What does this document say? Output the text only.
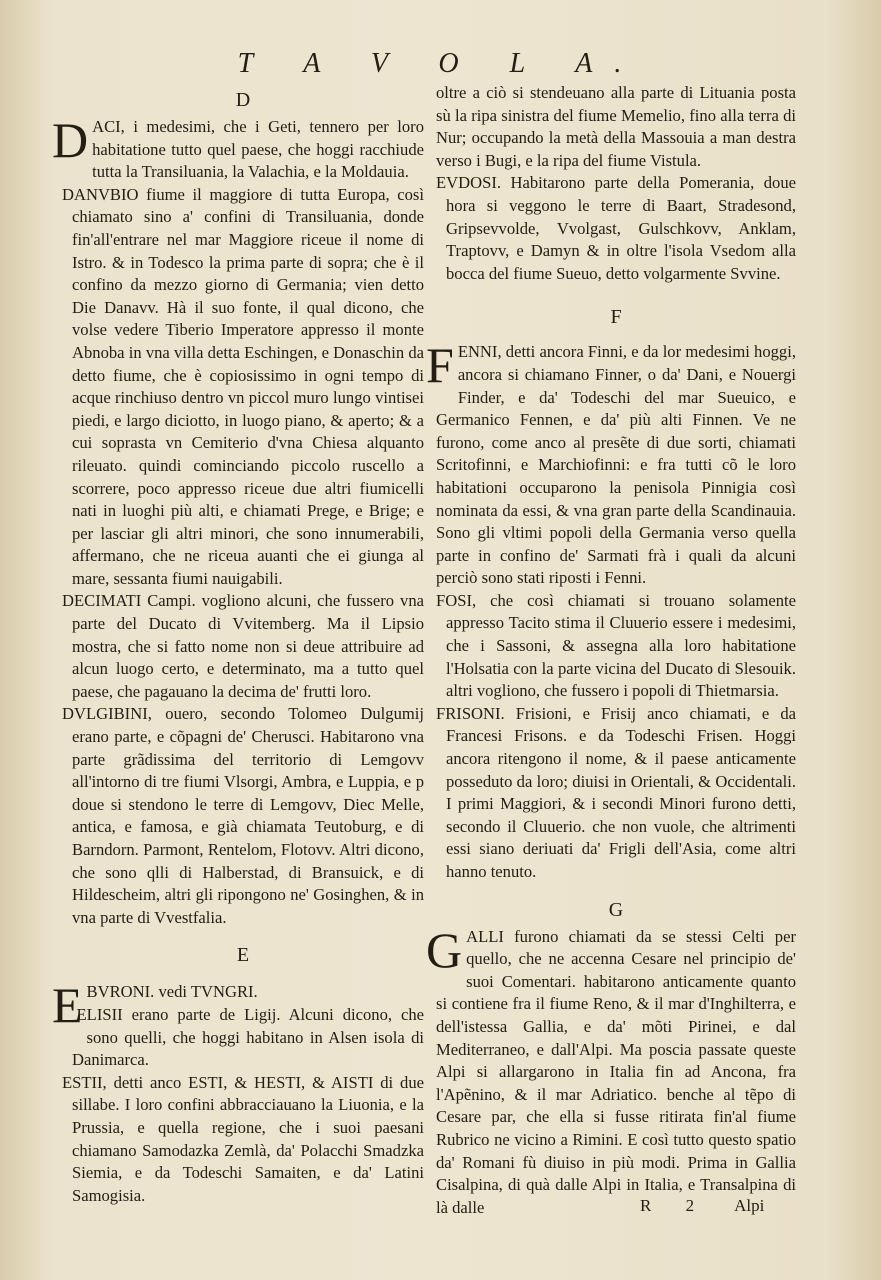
T A V O L A.
D

DACI, i medesimi, che i Geti, tennero per loro habitatione tutto quel paese, che hoggi racchiude tutta la Transiluania, la Valachia, e la Moldauia.

DANVBIO fiume il maggiore di tutta Europa, così chiamato sino a' confini di Transiluania, donde fin'all'entrare nel mar Maggiore riceue il nome di Istro. & in Todesco la prima parte di sopra; che è il confino da mezzo giorno di Germania; vien detto Die Danavv. Hà il suo fonte, il qual dicono, che volse vedere Tiberio Imperatore appresso il monte Abnoba in vna villa detta Eschingen, e Donaschin da detto fiume, che è copiosissimo in ogni tempo di acque rinchiuso dentro vn piccol muro lungo vintisei piedi, e largo diciotto, in luogo piano, & aperto; & a cui soprasta vn Cemiterio d'vna Chiesa alquanto rileuato. quindi cominciando piccolo ruscello a scorrere, poco appresso riceue due altri fiumicelli nati in luoghi più alti, e chiamati Prege, e Brige; e per lasciar gli altri minori, che sono innumerabili, affermano, che ne riceua auanti che ei giunga al mare, sessanta fiumi nauigabili.

DECIMATI Campi. vogliono alcuni, che fussero vna parte del Ducato di Vvitemberg. Ma il Lipsio mostra, che si fatto nome non si deue attribuire ad alcun luogo certo, e determinato, ma a tutto quel paese, che pagauano la decima de' frutti loro.

DVLGIBINI, ouero, secondo Tolomeo Dulgumij erano parte, e cõpagni de' Cherusci. Habitarono vna parte grãdissima del territorio di Lemgovv all'intorno di tre fiumi Vlsorgi, Ambra, e Luppia, e p doue si stendono le terre di Lemgovv, Diec Melle, antica, e famosa, e già chiamata Teutoburg, e di Barndorn. Parmont, Rentelom, Flotovv. Altri dicono, che sono qlli di Halberstad, di Bransuick, e di Hildescheim, altri gli ripongono ne' Gosinghen, & in vna parte di Vvestfalia.

E

EBVRONI. vedi TVNGRI.

ELISII erano parte de Ligij. Alcuni dicono, che sono quelli, che hoggi habitano in Alsen isola di Danimarca.

ESTII, detti anco ESTI, & HESTI, & AISTI di due sillabe. I loro confini abbracciauano la Liuonia, e la Prussia, e quella regione, che i suoi paesani chiamano Samodazka Zemlà, da' Polacchi Smadzka Siemia, e da Todeschi Samaiten, e da' Latini Samogisia.

oltre a ciò si stendeuano alla parte di Lituania posta sù la ripa sinistra del fiume Memelio, fino alla terra di Nur; occupando la metà della Massouia a man destra verso i Bugi, e la ripa del fiume Vistula.

EVDOSI. Habitarono parte della Pomerania, doue hora si veggono le terre di Baart, Stradesond, Gripsevvolde, Vvolgast, Gulschkovv, Anklam, Traptovv, e Damyn & in oltre l'isola Vsedom alla bocca del fiume Sueuo, detto volgarmente Svvine.

F

FENNI, detti ancora Finni, e da lor medesimi hoggi, ancora si chiamano Finner, o da' Dani, e Nouergi Finder, e da' Todeschi del mar Sueuico, e Germanico Fennen, e da' più alti Finnen. Ve ne furono, come anco al presẽte di due sorti, chiamati Scritofinni, e Marchiofinni: e fra tutti cõ le loro habitationi occuparono la penisola Pinnigia così nominata da essi, & vna gran parte della Scandinauia. Sono gli vltimi popoli della Germania verso quella parte in confino de' Sarmati frà i quali da alcuni perciò sono stati riposti i Fenni.

FOSI, che così chiamati si trouano solamente appresso Tacito stima il Cluuerio essere i medesimi, che i Sassoni, & assegna alla loro habitatione l'Holsatia con la parte vicina del Ducato di Slesouik. altri vogliono, che fussero i popoli di Thietmarsia.

FRISONI. Frisioni, e Frisij anco chiamati, e da Francesi Frisons. e da Todeschi Frisen. Hoggi ancora ritengono il nome, & il paese anticamente posseduto da loro; diuisi in Orientali, & Occidentali. I primi Maggiori, & i secondi Minori furono detti, secondo il Cluuerio. che non vuole, che altrimenti essi siano deriuati da' Frigli dell'Asia, come altri hanno tenuto.

G

GALLI furono chiamati da se stessi Celti per quello, che ne accenna Cesare nel principio de' suoi Comentari. habitarono anticamente quanto si contiene fra il fiume Reno, & il mar d'Inghilterra, e dell'istessa Gallia, e da' mõti Pirinei, e dal Mediterraneo, e dall'Alpi. Ma poscia passate queste Alpi si allargarono in Italia fin ad Ancona, fra l'Apẽnino, & il mar Adriatico. benche al tẽpo di Cesare par, che ella si fusse ritirata fin'al fiume Rubrico ne vicino a Rimini. E così tutto questo spatio da' Romani fù diuiso in più modi. Prima in Gallia Cisalpina, di quà dalle Alpi in Italia, e Transalpina di là dalle	R 2 Alpi
